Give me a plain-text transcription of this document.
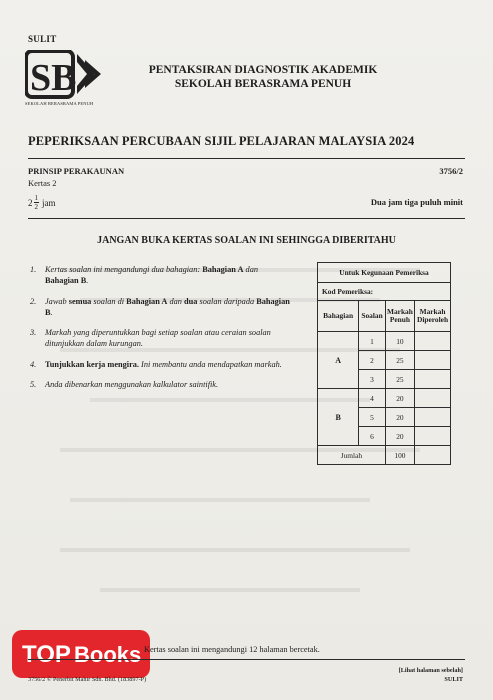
SULIT
SB
SEKOLAH BERASRAMA PENUH
PENTAKSIRAN DIAGNOSTIK AKADEMIK
SEKOLAH BERASRAMA PENUH
PEPERIKSAAN PERCUBAAN SIJIL PELAJARAN MALAYSIA 2024
PRINSIP PERAKAUNAN
Kertas 2
3756/2
$2 \frac{1}{2}$ jam	Dua jam tiga puluh minit
JANGAN BUKA KERTAS SOALAN INI SEHINGGA DIBERITAHU
1.	Kertas soalan ini mengandungi dua bahagian: Bahagian A dan Bahagian B.
2.	Jawab semua soalan di Bahagian A dan dua soalan daripada Bahagian B.
3.	Markah yang diperuntukkan bagi setiap soalan atau ceraian soalan ditunjukkan dalam kurungan.
4.	Tunjukkan kerja mengira. Ini membantu anda mendapatkan markah.
5.	Anda dibenarkan menggunakan kalkulator saintifik.
Untuk Kegunaan Pemeriksa			
Kod Pemeriksa:			
Bahagian	Soalan	Markah Penuh	Markah Diperoleh
A	1	10	
	2	25	
	3	25	
B	4	20	
	5	20	
	6	20	
Jumlah		100	
TOP Books Kertas soalan ini mengandungi 12 halaman bercetak.
3756/2 © Penerbit Mahir Sdn. Bhd. (183897-P)
[Lihat halaman sebelah]
SULIT
